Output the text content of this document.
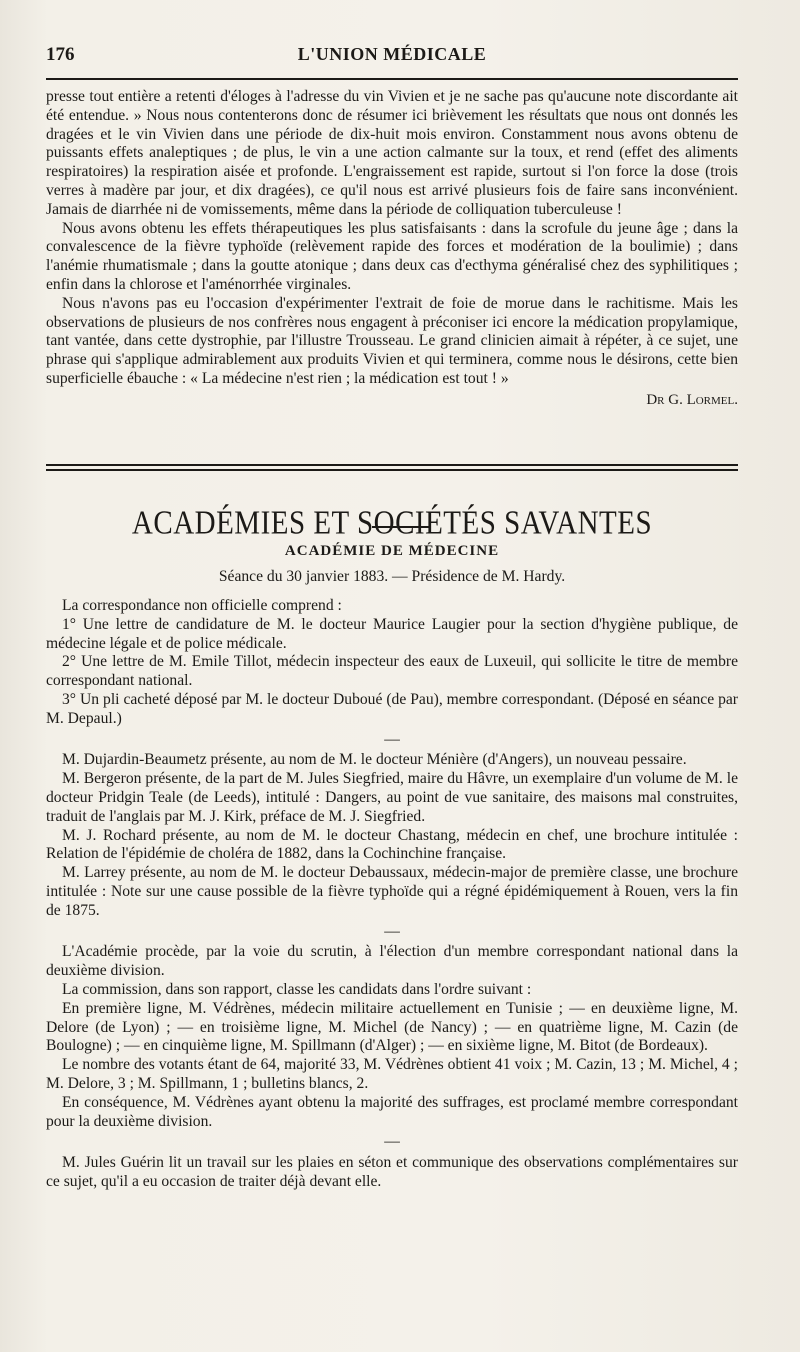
176	L'UNION MÉDICALE

presse tout entière a retenti d'éloges à l'adresse du vin Vivien et je ne sache pas qu'aucune note discordante ait été entendue. » Nous nous contenterons donc de résumer ici brièvement les résultats que nous ont donnés les dragées et le vin Vivien dans une période de dix-huit mois environ. Constamment nous avons obtenu de puissants effets analeptiques ; de plus, le vin a une action calmante sur la toux, et rend (effet des aliments respiratoires) la respiration aisée et profonde. L'engraissement est rapide, surtout si l'on force la dose (trois verres à madère par jour, et dix dragées), ce qu'il nous est arrivé plusieurs fois de faire sans inconvénient. Jamais de diarrhée ni de vomissements, même dans la période de colliquation tuberculeuse !

Nous avons obtenu les effets thérapeutiques les plus satisfaisants : dans la scrofule du jeune âge ; dans la convalescence de la fièvre typhoïde (relèvement rapide des forces et modération de la boulimie) ; dans l'anémie rhumatismale ; dans la goutte atonique ; dans deux cas d'ecthyma généralisé chez des syphilitiques ; enfin dans la chlorose et l'aménorrhée virginales.

Nous n'avons pas eu l'occasion d'expérimenter l'extrait de foie de morue dans le rachitisme. Mais les observations de plusieurs de nos confrères nous engagent à préconiser ici encore la médication propylamique, tant vantée, dans cette dystrophie, par l'illustre Trousseau. Le grand clinicien aimait à répéter, à ce sujet, une phrase qui s'applique admirablement aux produits Vivien et qui terminera, comme nous le désirons, cette bien superficielle ébauche : « La médecine n'est rien ; la médication est tout ! »

Dr G. Lormel.
ACADÉMIES ET SOCIÉTÉS SAVANTES
ACADÉMIE DE MÉDECINE
Séance du 30 janvier 1883. — Présidence de M. Hardy.

La correspondance non officielle comprend :

1° Une lettre de candidature de M. le docteur Maurice Laugier pour la section d'hygiène publique, de médecine légale et de police médicale.

2° Une lettre de M. Emile Tillot, médecin inspecteur des eaux de Luxeuil, qui sollicite le titre de membre correspondant national.

3° Un pli cacheté déposé par M. le docteur Duboué (de Pau), membre correspondant. (Déposé en séance par M. Depaul.)

—

M. Dujardin-Beaumetz présente, au nom de M. le docteur Ménière (d'Angers), un nouveau pessaire.

M. Bergeron présente, de la part de M. Jules Siegfried, maire du Hâvre, un exemplaire d'un volume de M. le docteur Pridgin Teale (de Leeds), intitulé : Dangers, au point de vue sanitaire, des maisons mal construites, traduit de l'anglais par M. J. Kirk, préface de M. J. Siegfried.

M. J. Rochard présente, au nom de M. le docteur Chastang, médecin en chef, une brochure intitulée : Relation de l'épidémie de choléra de 1882, dans la Cochinchine française.

M. Larrey présente, au nom de M. le docteur Debaussaux, médecin-major de première classe, une brochure intitulée : Note sur une cause possible de la fièvre typhoïde qui a régné épidémiquement à Rouen, vers la fin de 1875.

—

L'Académie procède, par la voie du scrutin, à l'élection d'un membre correspondant national dans la deuxième division.

La commission, dans son rapport, classe les candidats dans l'ordre suivant :

En première ligne, M. Védrènes, médecin militaire actuellement en Tunisie ; — en deuxième ligne, M. Delore (de Lyon) ; — en troisième ligne, M. Michel (de Nancy) ; — en quatrième ligne, M. Cazin (de Boulogne) ; — en cinquième ligne, M. Spillmann (d'Alger) ; — en sixième ligne, M. Bitot (de Bordeaux).

Le nombre des votants étant de 64, majorité 33, M. Védrènes obtient 41 voix ; M. Cazin, 13 ; M. Michel, 4 ; M. Delore, 3 ; M. Spillmann, 1 ; bulletins blancs, 2.

En conséquence, M. Védrènes ayant obtenu la majorité des suffrages, est proclamé membre correspondant pour la deuxième division.

—

M. Jules Guérin lit un travail sur les plaies en séton et communique des observations complémentaires sur ce sujet, qu'il a eu occasion de traiter déjà devant elle.
